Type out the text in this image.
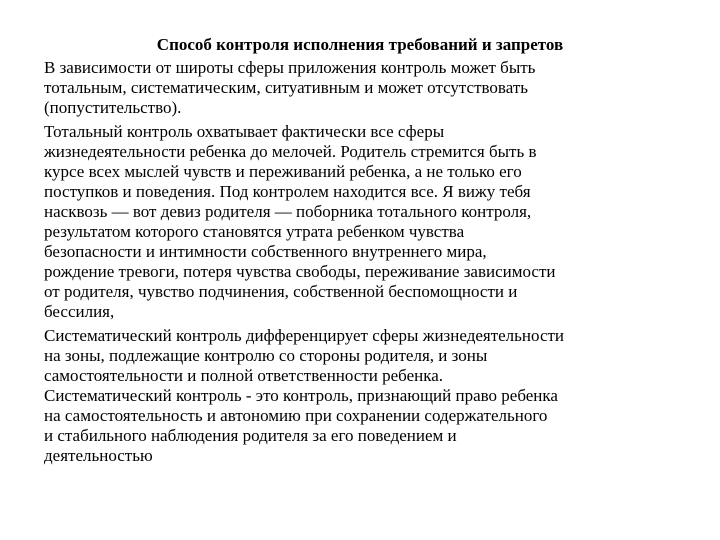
Способ контроля исполнения требований и запретов

В зависимости от широты сферы приложения контроль может быть
тотальным, систематическим, ситуативным и может отсутствовать
(попустительство).

Тотальный контроль охватывает фактически все сферы
жизнедеятельности ребенка до мелочей. Родитель стремится быть в
курсе всех мыслей чувств и переживаний ребенка, а не только его
поступков и поведения. Под контролем находится все. Я вижу тебя
насквозь — вот девиз родителя — поборника тотального контроля,
результатом которого становятся утрата ребенком чувства
безопасности и интимности собственного внутреннего мира,
рождение тревоги, потеря чувства свободы, переживание зависимости
от родителя, чувство подчинения, собственной беспомощности и
бессилия,

Систематический контроль дифференцирует сферы жизнедеятельности
на зоны, подлежащие контролю со стороны родителя, и зоны
самостоятельности и полной ответственности ребенка.
Систематический контроль - это контроль, признающий право ребенка
на самостоятельность и автономию при сохранении содержательного
и стабильного наблюдения родителя за его поведением и
деятельностью
